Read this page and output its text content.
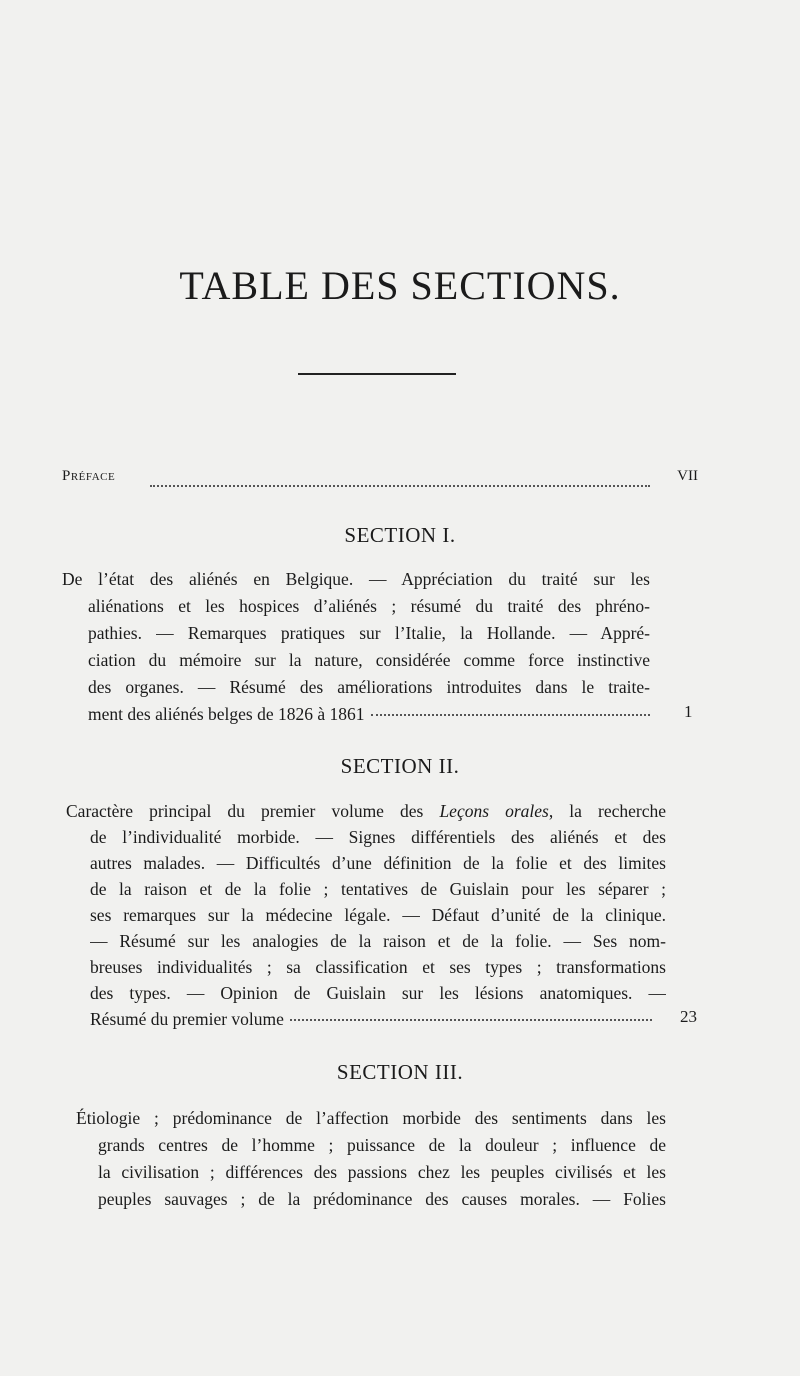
TABLE DES SECTIONS.
Préface	VII
SECTION I.
De l’état des aliénés en Belgique. — Appréciation du traité sur les
aliénations et les hospices d’aliénés ; résumé du traité des phréno-
pathies. — Remarques pratiques sur l’Italie, la Hollande. — Appré-
ciation du mémoire sur la nature, considérée comme force instinctive
des organes. — Résumé des améliorations introduites dans le traite-
ment des aliénés belges de 1826 à 1861	1
SECTION II.
Caractère principal du premier volume des Leçons orales, la recherche
de l’individualité morbide. — Signes différentiels des aliénés et des
autres malades. — Difficultés d’une définition de la folie et des limites
de la raison et de la folie ; tentatives de Guislain pour les séparer ;
ses remarques sur la médecine légale. — Défaut d’unité de la clinique.
— Résumé sur les analogies de la raison et de la folie. — Ses nom-
breuses individualités ; sa classification et ses types ; transformations
des types. — Opinion de Guislain sur les lésions anatomiques. —
Résumé du premier volume	23
SECTION III.
Étiologie ; prédominance de l’affection morbide des sentiments dans les
grands centres de l’homme ; puissance de la douleur ; influence de
la civilisation ; différences des passions chez les peuples civilisés et les
peuples sauvages ; de la prédominance des causes morales. — Folies
